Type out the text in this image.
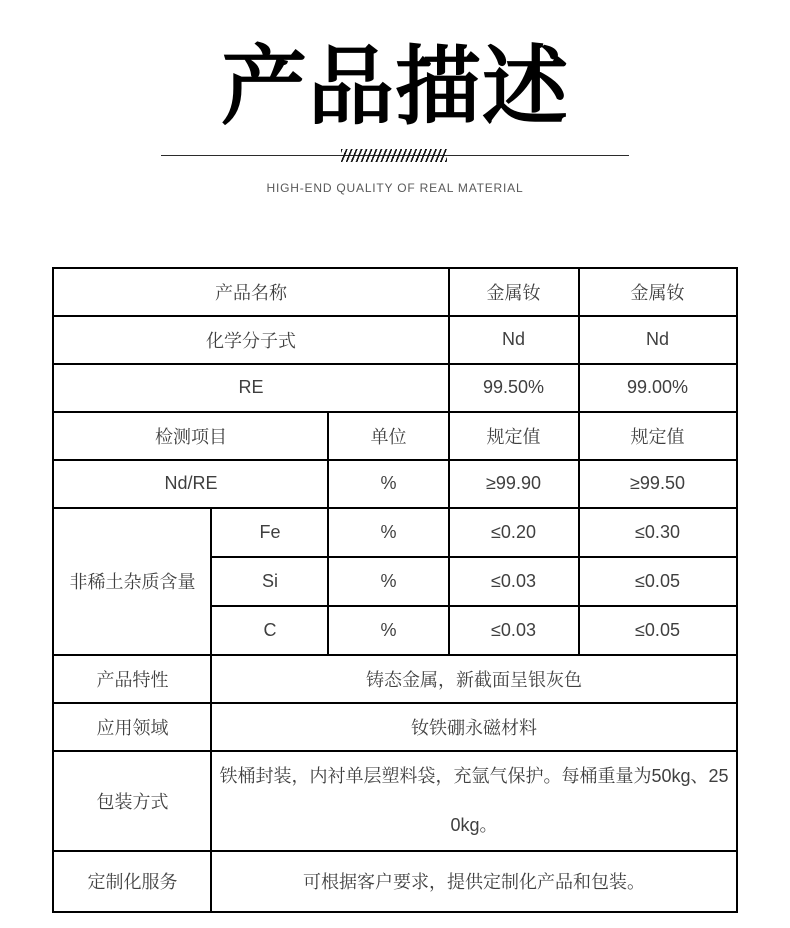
产品描述
HIGH-END QUALITY OF REAL MATERIAL
产品名称			金属钕	金属钕
化学分子式			Nd	Nd
RE			99.50%	99.00%
检测项目		单位	规定值	规定值
Nd/RE		%	≥99.90	≥99.50
非稀土杂质含量	Fe	%	≤0.20	≤0.30
	Si	%	≤0.03	≤0.05
	C	%	≤0.03	≤0.05
产品特性	铸态金属，新截面呈银灰色			
应用领域	钕铁硼永磁材料			
包装方式	铁桶封装，内衬单层塑料袋，充氩气保护。每桶重量为50kg、250kg。			
定制化服务	可根据客户要求，提供定制化产品和包装。			
